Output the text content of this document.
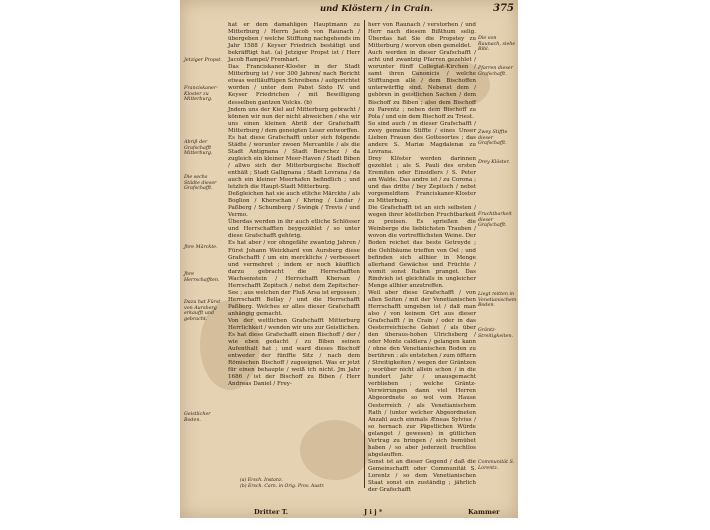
und Klöstern / in Crain.	375

hat er dem damahligen Hauptmann zu Mitterburg / Herrn Jacob von Raunach / übergeben / welche Stifftung nachgehends im Jahr 1588 / Keyser Friedrich bestätigt und bekräfftigt hat. (a) Jetziger Propst ist / Herr Jacob Rampel/ Fremhart.

Das Franciskaner-Kloster in der Stadt Mitterburg ist / vor 300 Jahren/ nach Bericht etwas weitläufftigen Schreibens / aufgerichtet worden / unter dem Pabst Sixto IV. und Keyser Friedrichen / mit Bewilligung desselben gantzen Volcks. (b)

Jndem uns der Kiel auf Mitterburg gebracht / können wir nun der nicht abweichen / ehe wir uns einen kleinen Abriß der Grafschafft Mitterburg / dem geneigten Leser entworffen.

Es hat diese Grafschafft unter sich folgende Städte / worunter zwoen Mercantile / als die Stadt Antignana / Stadt Berschez / da zugleich ein kleiner Meer-Haven / Stadt Biben / allwo sich der Mitterburgische Bischoff enthält ; Stadt Gallignana ; Stadt Lovrana / da auch ein kleiner Meerhafen befindlich ; und letzlich die Haupt-Stadt Mitterburg.

Deßgleichen hat sie auch etliche Märckte / als Boglion / Kherschan / Khring / Lindar / Paßberg / Schumberg / Swingk / Trevis / und Vermo.

Überdas werden in ihr auch etliche Schlösser und Herrschafften beygezählet / so unter diese Grafschafft gehörig.

Es hat aber / vor ohngefähr zwantzig Jahren / Fürst Johann Weickhard von Aursberg diese Grafschafft / um ein mercklichs / verbessert und vermehret ; indem er noch käufflich darzu gebracht die Herrschafften Wachsenstein / Herrschafft Khersan / Herrschafft Zepitsch / nebst dem Zepitscher-See ; aus welchen der Fluß Arsa ist ergossen ; Herrschafft Bellay / und die Herrschafft Paßberg. Welches er alles dieser Grafschafft anhängig gemacht.

Von der weltlichen Grafschafft Mitterburg Herrlichkeit / wenden wir uns zur Geistlichen.

Es hat diese Grafschafft einen Bischoff / der / wie eben gedacht / zu Biben seinen Aufenthalt hat ; und ward dieses Bischoff entweder der fünffte Sitz / nach dem Römischen Bischoff / zugeeignet. Was er jetzt für einen behaupte / weiß ich nicht. Jm Jahr 1686 / ist der Bischoff zu Biben / Herr Andreas Daniel / Frey-

herr von Raunach / verstorben / und Herr nach diesem Bißthum selig. Überdas hat Sie die Propstey zu Mitterburg / worvon oben gemeldet.

Auch werden in dieser Grafschafft / acht und zwantzig Pfarren gezehlet / worunter fünff Collegiat-Kirchen / samt ihren Canonicis / welche Stifftungen alle / dem Bischoffen unterwürffig sind. Nebenst dem / gehören in geistlichen Sachen / dem Bischoff zu Biben ; also dem Bischoff zu Parentz ; neben dem Bischoff zu Pola / und ein dem Bischoff zu Triest.

So sind auch / in dieser Grafschafft / zwey gemeine Stiffte / eines Unser Lieben Frauen des Gottesortes ; das andere S. Mariæ Magdalenæ zu Lovrana.

Drey Klöster werden darinnen gezehlet ; als S. Pauli des ersten Eremiten oder Einsidlers / S. Peter am Walde. Das andre ist / zu Corona ; und das dritte / bey Zepitsch / nebst vorgemeldtem Franciskaner-Kloster zu Mitterburg.

Die Grafschafft ist an sich selbsten / wegen ihrer köstlichen Fruchtbarkeit zu preisen. Es sprießen die Weinberge die lieblichsten Trauben / wovon die vortrefflichsten Weine. Der Boden reichet das beste Getreyde ; die Oehlbäume trieffen von Oel ; und befinden sich allhier in Menge allerhand Gewächse und Früchte / womit sonst Italien pranget. Das Rindvieh ist gleichfalls in ungleicher Menge allhier anzutreffen.

Weil aber diese Grafschafft / von allen Seiten / mit der Venetianischen Herrschafft umgeben ist / daß man also / von keinem Ort aus dieser Grafschafft / in Crain / oder in das Oesterreichische Gebiet / als über den überaus-hohen Ulrichsberg / oder Monte caldiera / gelangen kann / ohne den Venetianischen Boden zu berühren : als entstehen / zum öfftern / Streitigkeiten / wegen der Gräntzen ; worüber nicht allein schon / in die hundert Jahr / unausgemacht verblieben ; welche Gräntz-Verwirrungen dann viel Herren Abgeordnete so wol vom Hause Oesterreich / als Venetianischem Rath / (unter welcher Abgeordneten Anzahl auch einmals Æneas Sylvius / so hernach zur Päpstlichen Würde gelanget / gewesen) in gütlichen Vertrag zu bringen / sich bemühet haben / so aber jederzeit fruchtlos abgelauffen.

Sonst ist an dieser Gegend / daß die Gemeinschafft oder Communität S. Lorentz / so dem Venetianischen Staat sonst ein zuständig ; jährlich der Grafschafft

Jetziger Propst.
Franciskaner-Kloster zu Mitterburg.
Abriß der Grafschafft Mitterburg.
Die sechs Städte dieser Grafschafft.
Jhre Märckte.
Jhre Herrschafften.
Dazu hat Fürst von Aursberg erkaufft und gebracht.
Geistlicher Boden.
Die von Raunach, siehe Bibl.
Pfarren dieser Grafschafft.
Zwey Stiffte dieser Grafschafft.
Drey Klöster.
Fruchtbarkeit dieser Grafschafft.
Liegt mitten in Venetianischem Boden.
Gräntz-Streitigkeiten.
Communität S. Lorentz.
(a) Ersch. Instanz.
(b) Ersch. Carn. in Orig. Prov. Austr.
Dritter T.	J i j *	Kammer
